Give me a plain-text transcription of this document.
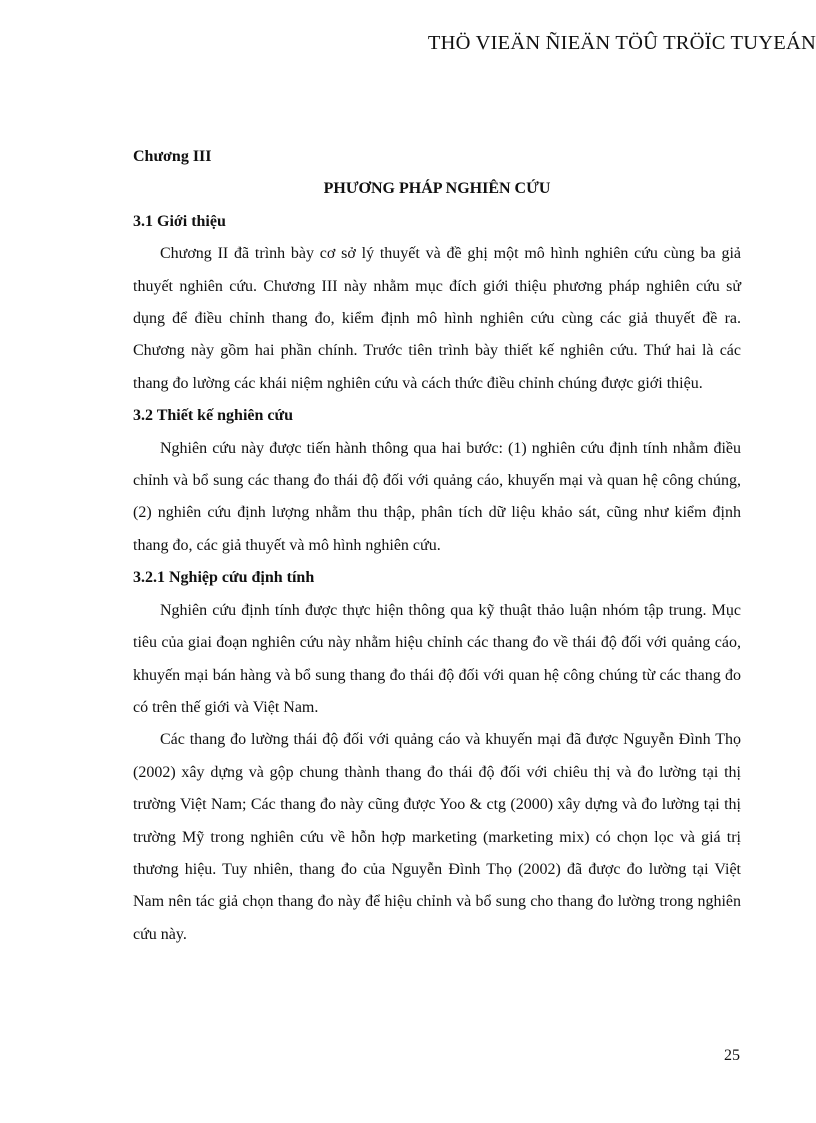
THÖ VIEÄN ÑIEÄN TÖÛ TRÖÏC TUYEÁN

Chương III

PHƯƠNG PHÁP NGHIÊN CỨU

3.1 Giới thiệu

Chương II đã trình bày cơ sở lý thuyết và đề ghị một mô hình nghiên cứu cùng ba giả thuyết nghiên cứu. Chương III này nhằm mục đích giới thiệu phương pháp nghiên cứu sử dụng để điều chỉnh thang đo, kiểm định mô hình nghiên cứu cùng các giả thuyết đề ra. Chương này gồm hai phần chính. Trước tiên trình bày thiết kế nghiên cứu. Thứ hai là các thang đo lường các khái niệm nghiên cứu và cách thức điều chỉnh chúng được giới thiệu.

3.2 Thiết kế nghiên cứu

Nghiên cứu này được tiến hành thông qua hai bước: (1) nghiên cứu định tính nhằm điều chỉnh và bổ sung các thang đo thái độ đối với quảng cáo, khuyến mại và quan hệ công chúng, (2) nghiên cứu định lượng nhằm thu thập, phân tích dữ liệu khảo sát, cũng như kiểm định thang đo, các giả thuyết và mô hình nghiên cứu.

3.2.1 Nghiệp cứu định tính

Nghiên cứu định tính được thực hiện thông qua kỹ thuật thảo luận nhóm tập trung. Mục tiêu của giai đoạn nghiên cứu này nhằm hiệu chỉnh các thang đo về thái độ đối với quảng cáo, khuyến mại bán hàng và bổ sung thang đo thái độ đối với quan hệ công chúng từ các thang đo có trên thế giới và Việt Nam.

Các thang đo lường thái độ đối với quảng cáo và khuyến mại đã được Nguyễn Đình Thọ (2002) xây dựng và gộp chung thành thang đo thái độ đối với chiêu thị và đo lường tại thị trường Việt Nam; Các thang đo này cũng được Yoo & ctg (2000) xây dựng và đo lường tại thị trường Mỹ trong nghiên cứu về hỗn hợp marketing (marketing mix) có chọn lọc và giá trị thương hiệu. Tuy nhiên, thang đo của Nguyễn Đình Thọ (2002) đã được đo lường tại Việt Nam nên tác giả chọn thang đo này để hiệu chỉnh và bổ sung cho thang đo lường trong nghiên cứu này.

25
